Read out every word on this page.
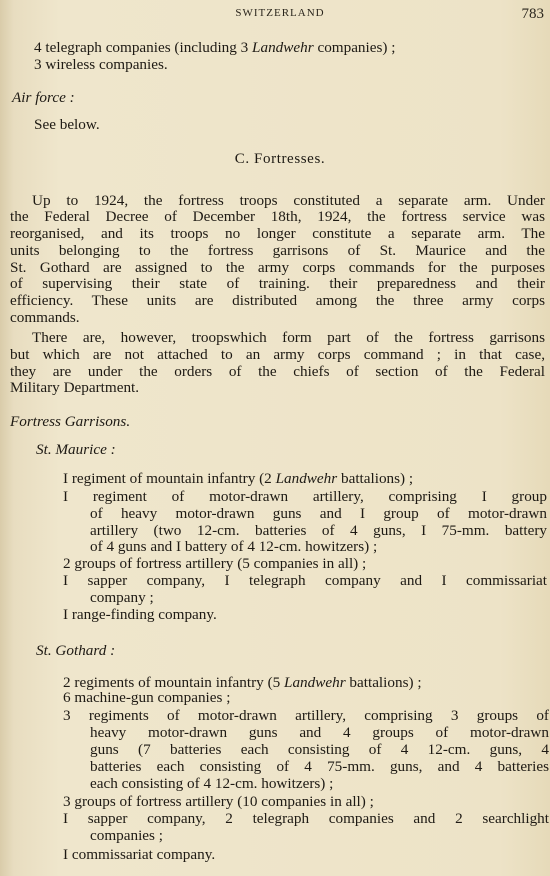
SWITZERLAND	783
4 telegraph companies (including 3 Landwehr companies) ;
3 wireless companies.
Air force :
See below.
C. Fortresses.
Up to 1924, the fortress troops constituted a separate arm. Under
the Federal Decree of December 18th, 1924, the fortress service was
reorganised, and its troops no longer constitute a separate arm. The
units belonging to the fortress garrisons of St. Maurice and the
St. Gothard are assigned to the army corps commands for the purposes
of supervising their state of training. their preparedness and their
efficiency. These units are distributed among the three army corps
commands.
There are, however, troopswhich form part of the fortress garrisons
but which are not attached to an army corps command ; in that case,
they are under the orders of the chiefs of section of the Federal
Military Department.
Fortress Garrisons.
St. Maurice :
I regiment of mountain infantry (2 Landwehr battalions) ;
I regiment of motor-drawn artillery, comprising I group
of heavy motor-drawn guns and I group of motor-drawn
artillery (two 12-cm. batteries of 4 guns, I 75-mm. battery
of 4 guns and I battery of 4 12-cm. howitzers) ;
2 groups of fortress artillery (5 companies in all) ;
I sapper company, I telegraph company and I commissariat
company ;
I range-finding company.
St. Gothard :
2 regiments of mountain infantry (5 Landwehr battalions) ;
6 machine-gun companies ;
3 regiments of motor-drawn artillery, comprising 3 groups of
heavy motor-drawn guns and 4 groups of motor-drawn
guns (7 batteries each consisting of 4 12-cm. guns, 4
batteries each consisting of 4 75-mm. guns, and 4 batteries
each consisting of 4 12-cm. howitzers) ;
3 groups of fortress artillery (10 companies in all) ;
I sapper company, 2 telegraph companies and 2 searchlight
companies ;
I commissariat company.
